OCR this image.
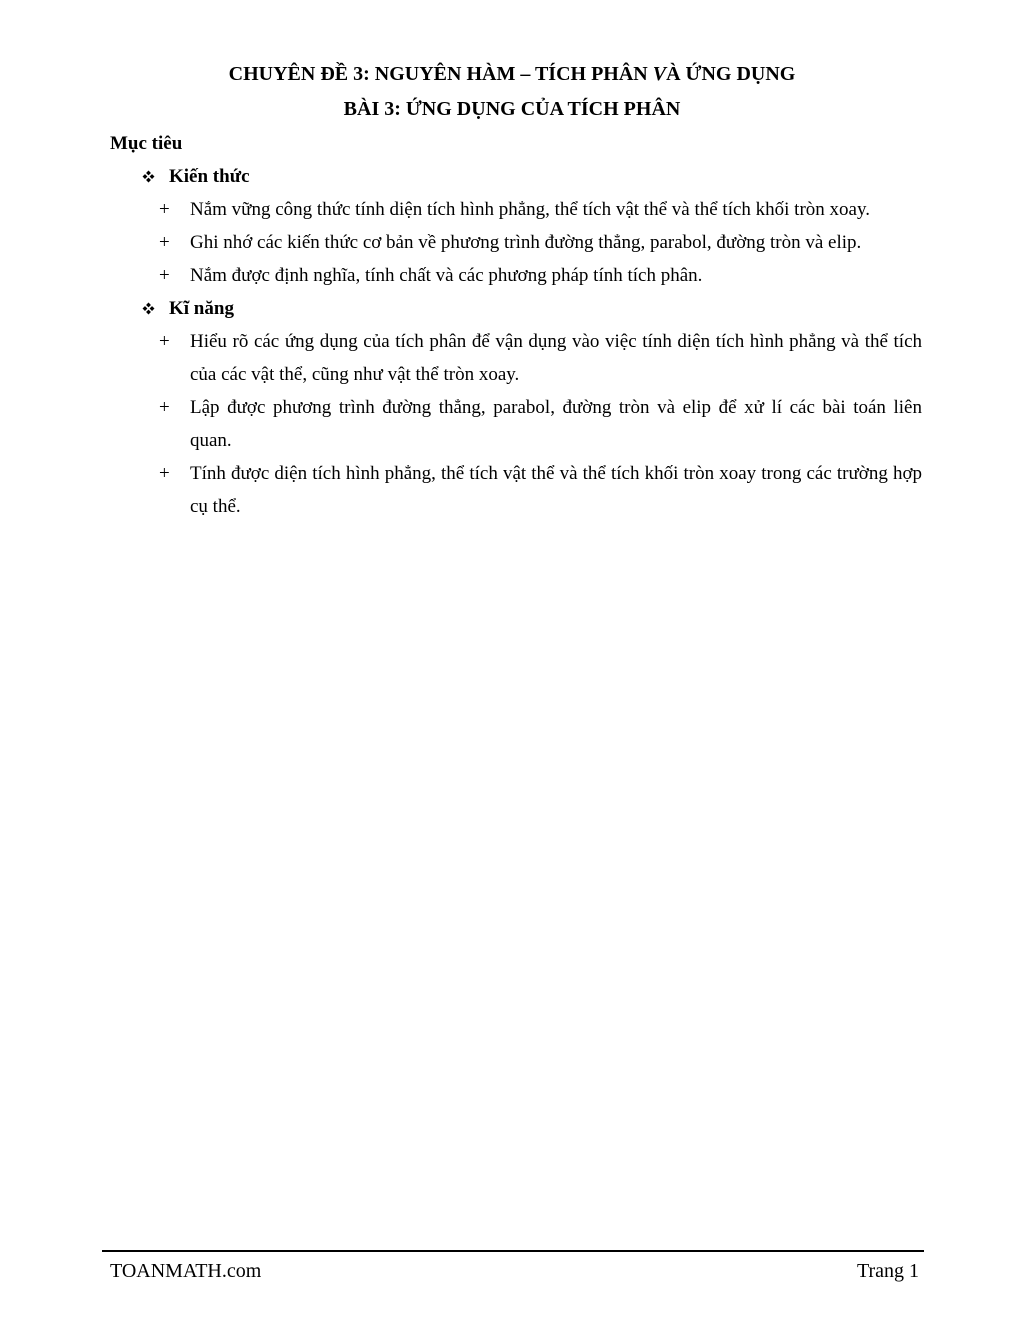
CHUYÊN ĐỀ 3: NGUYÊN HÀM – TÍCH PHÂN VÀ ỨNG DỤNG
BÀI 3: ỨNG DỤNG CỦA TÍCH PHÂN
Mục tiêu
Kiến thức
+ Nắm vững công thức tính diện tích hình phẳng, thể tích vật thể và thể tích khối tròn xoay.
+ Ghi nhớ các kiến thức cơ bản về phương trình đường thẳng, parabol, đường tròn và elip.
+ Nắm được định nghĩa, tính chất và các phương pháp tính tích phân.
Kĩ năng
+ Hiểu rõ các ứng dụng của tích phân để vận dụng vào việc tính diện tích hình phẳng và thể tích
của các vật thể, cũng như vật thể tròn xoay.
+ Lập được phương trình đường thẳng, parabol, đường tròn và elip để xử lí các bài toán liên
quan.
+ Tính được diện tích hình phẳng, thể tích vật thể và thể tích khối tròn xoay trong các trường hợp
cụ thể.
TOANMATH.com	Trang 1
